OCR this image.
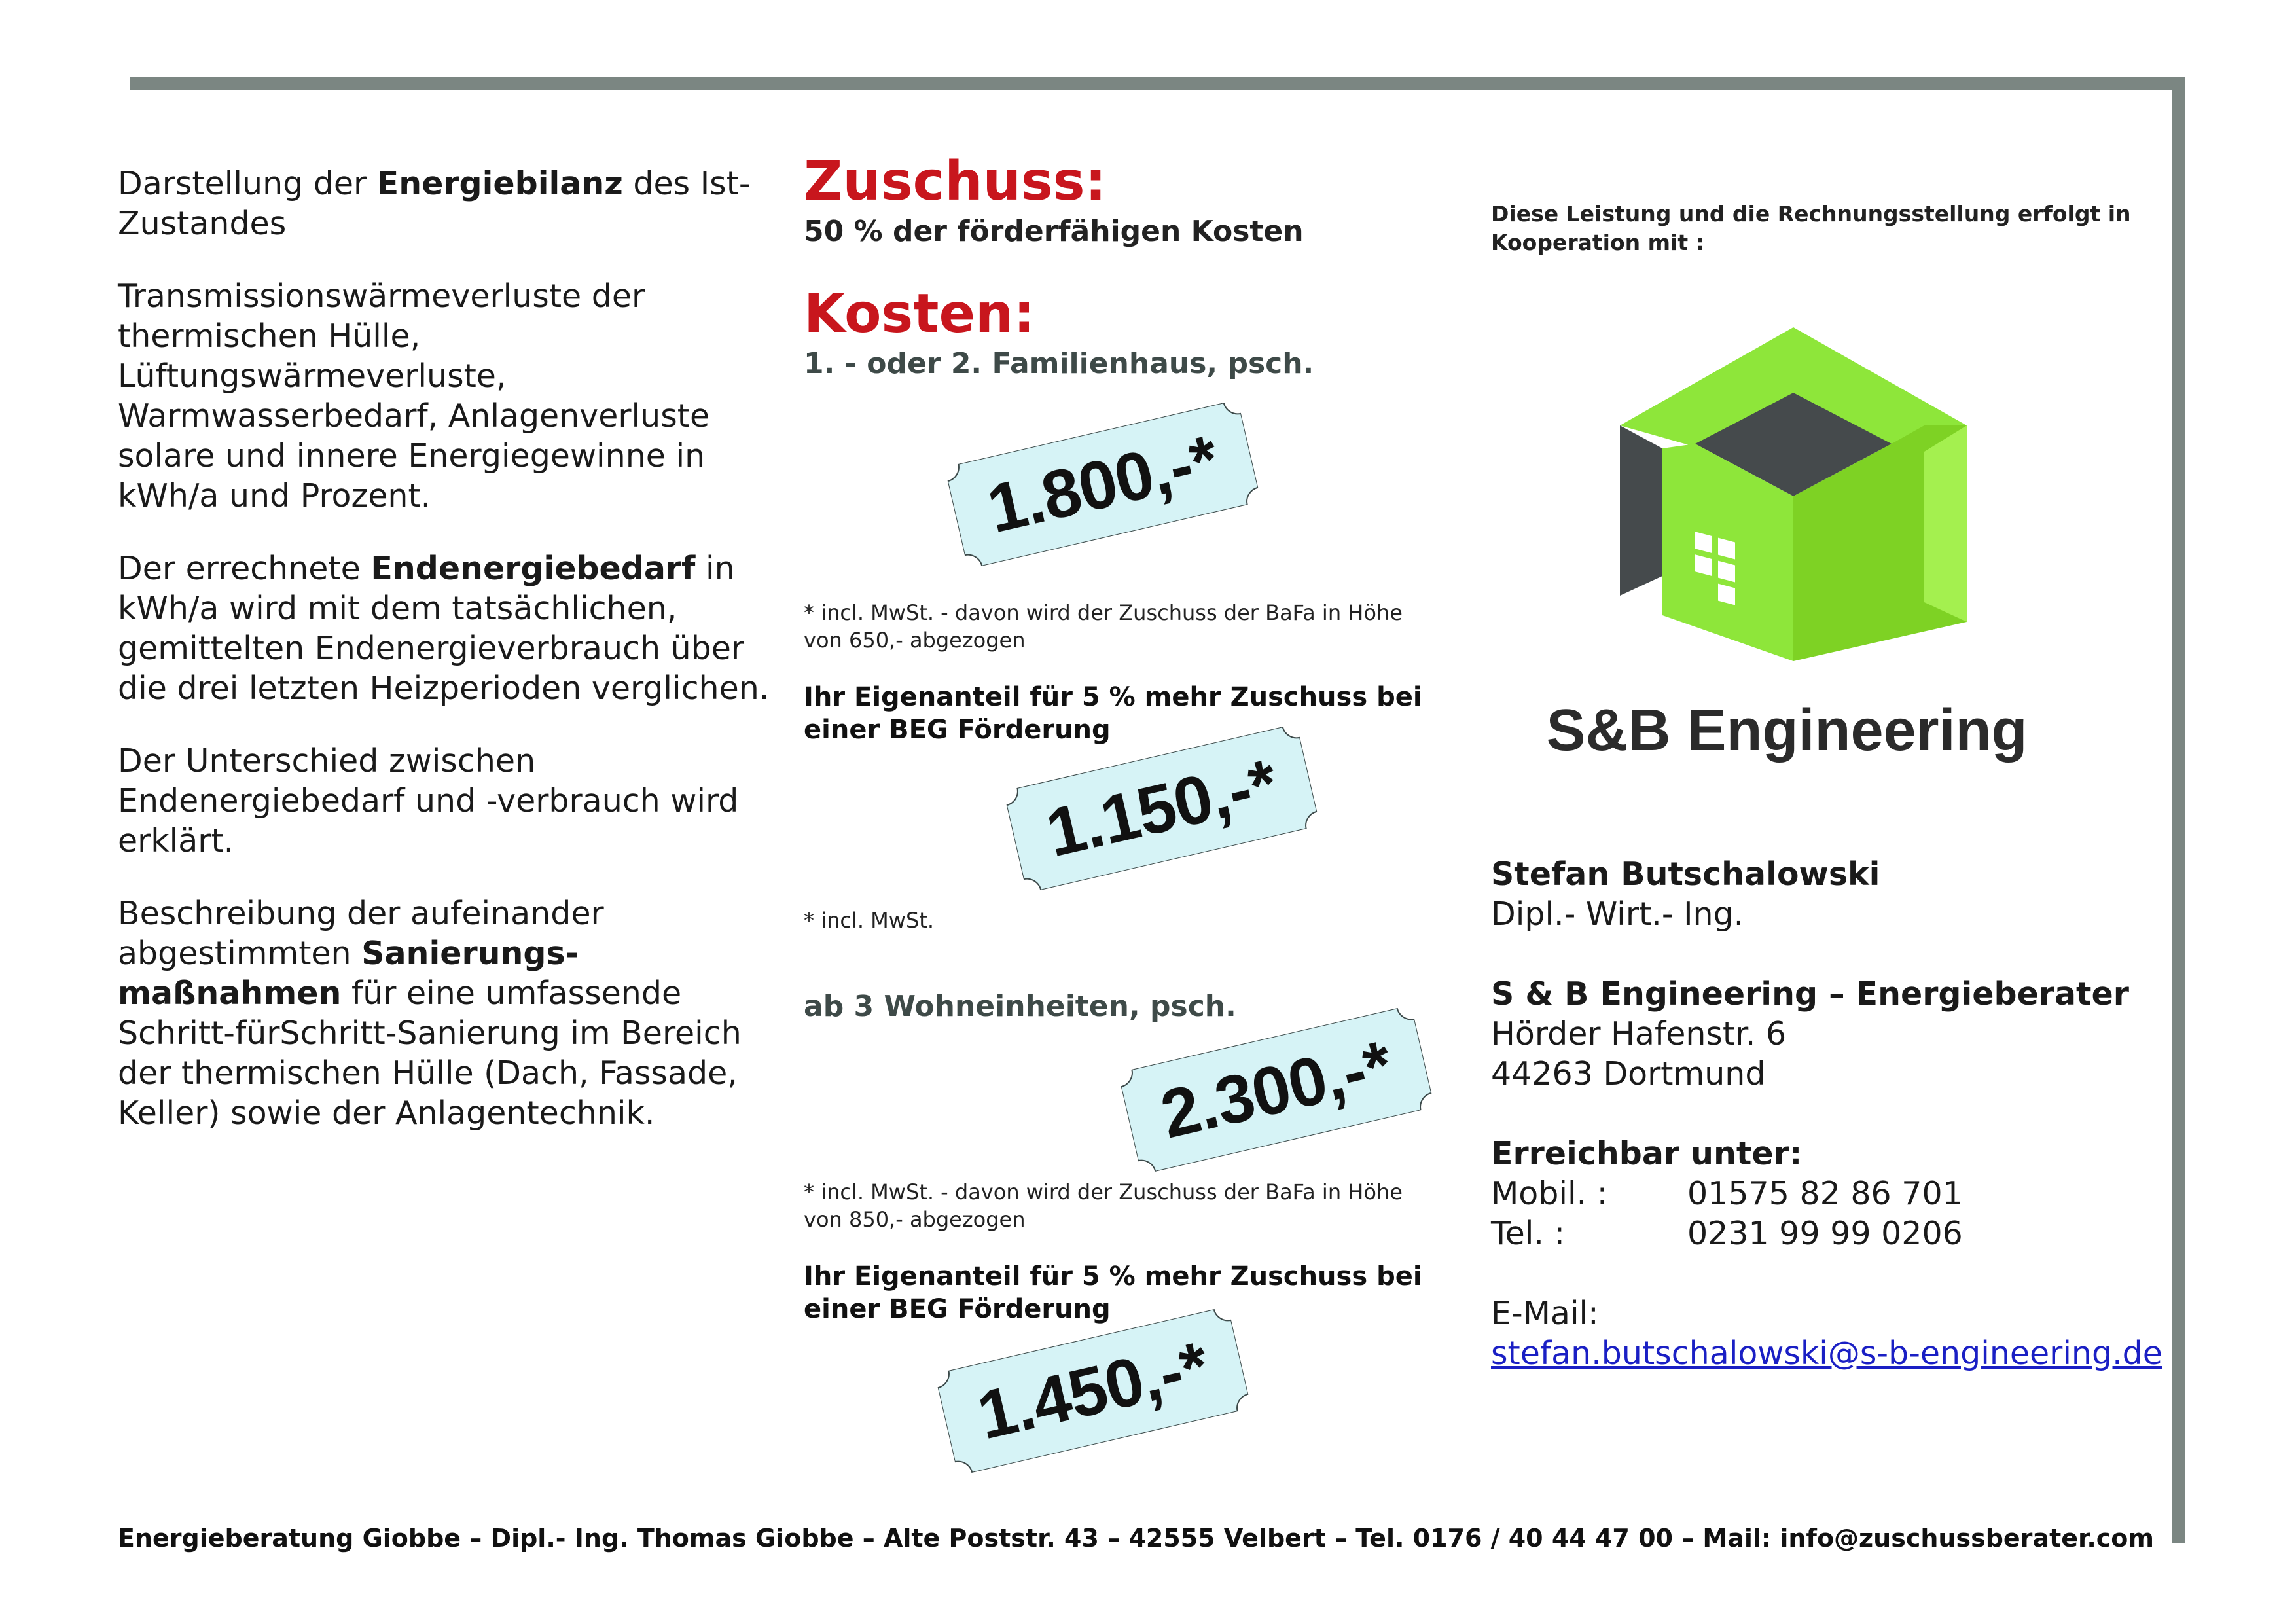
Darstellung der Energiebilanz des Ist-Zustandes

Transmissionswärmeverluste der thermischen Hülle, Lüftungswärmeverluste, Warmwasserbedarf, Anlagenverluste solare und innere Energiegewinne in kWh/a und Prozent.

Der errechnete Endenergiebedarf in kWh/a wird mit dem tatsächlichen, gemittelten Endenergieverbrauch über die drei letzten Heizperioden verglichen.

Der Unterschied zwischen Endenergiebedarf und -verbrauch wird erklärt.

Beschreibung der aufeinander abgestimmten Sanierungs-maßnahmen für eine umfassende Schritt-fürSchritt-Sanierung im Bereich der thermischen Hülle (Dach, Fassade, Keller) sowie der Anlagentechnik.

Zuschuss:
50 % der förderfähigen Kosten
Kosten:
1. - oder 2. Familienhaus, psch.
1.800,-*
* incl. MwSt. - davon wird der Zuschuss der BaFa in Höhe von 650,- abgezogen
Ihr Eigenanteil für 5 % mehr Zuschuss bei einer BEG Förderung
1.150,-*
* incl. MwSt.
ab 3 Wohneinheiten, psch.
2.300,-*
* incl. MwSt. - davon wird der Zuschuss der BaFa in Höhe von 850,- abgezogen
Ihr Eigenanteil für 5 % mehr Zuschuss bei einer BEG Förderung
1.450,-*
Diese Leistung und die Rechnungsstellung erfolgt in Kooperation mit :
S&B Engineering
Stefan Butschalowski
Dipl.- Wirt.- Ing.
S & B Engineering – Energieberater
Hörder Hafenstr. 6
44263 Dortmund
Erreichbar unter:
Mobil. : 01575 82 86 701
Tel. :	0231 99 99 0206
E-Mail:
stefan.butschalowski@s-b-engineering.de
Energieberatung Giobbe – Dipl.- Ing. Thomas Giobbe – Alte Poststr. 43 – 42555 Velbert – Tel. 0176 / 40 44 47 00 – Mail: info@zuschussberater.com
